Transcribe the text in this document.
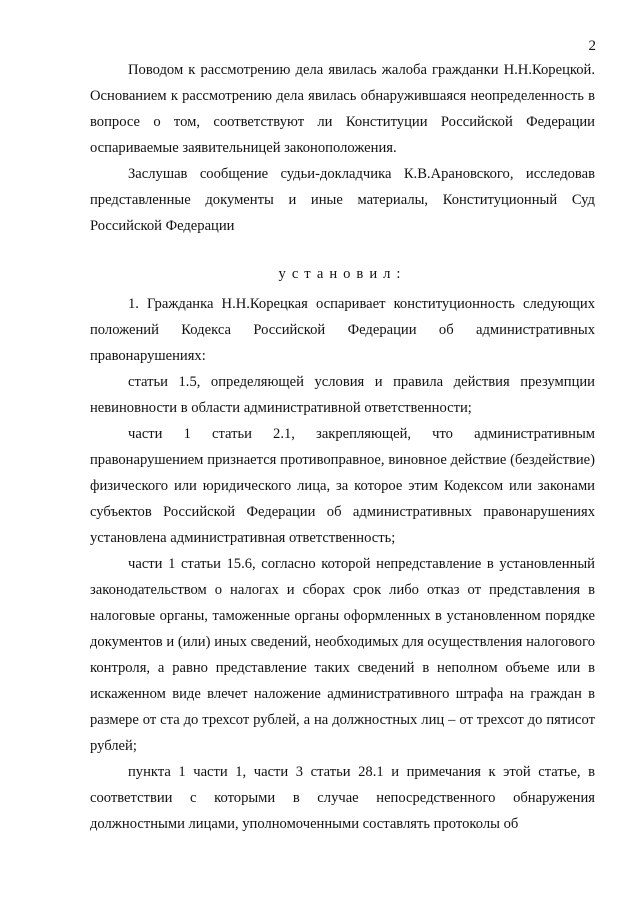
2

Поводом к рассмотрению дела явилась жалоба гражданки Н.Н.Корецкой. Основанием к рассмотрению дела явилась обнаружившаяся неопределенность в вопросе о том, соответствуют ли Конституции Российской Федерации оспариваемые заявительницей законоположения.

Заслушав сообщение судьи-докладчика К.В.Арановского, исследовав представленные документы и иные материалы, Конституционный Суд Российской Федерации

установил:

1. Гражданка Н.Н.Корецкая оспаривает конституционность следующих положений Кодекса Российской Федерации об административных правонарушениях:

статьи 1.5, определяющей условия и правила действия презумпции невиновности в области административной ответственности;

части 1 статьи 2.1, закрепляющей, что административным правонарушением признается противоправное, виновное действие (бездействие) физического или юридического лица, за которое этим Кодексом или законами субъектов Российской Федерации об административных правонарушениях установлена административная ответственность;

части 1 статьи 15.6, согласно которой непредставление в установленный законодательством о налогах и сборах срок либо отказ от представления в налоговые органы, таможенные органы оформленных в установленном порядке документов и (или) иных сведений, необходимых для осуществления налогового контроля, а равно представление таких сведений в неполном объеме или в искаженном виде влечет наложение административного штрафа на граждан в размере от ста до трехсот рублей, а на должностных лиц – от трехсот до пятисот рублей;

пункта 1 части 1, части 3 статьи 28.1 и примечания к этой статье, в соответствии с которыми в случае непосредственного обнаружения должностными лицами, уполномоченными составлять протоколы об
